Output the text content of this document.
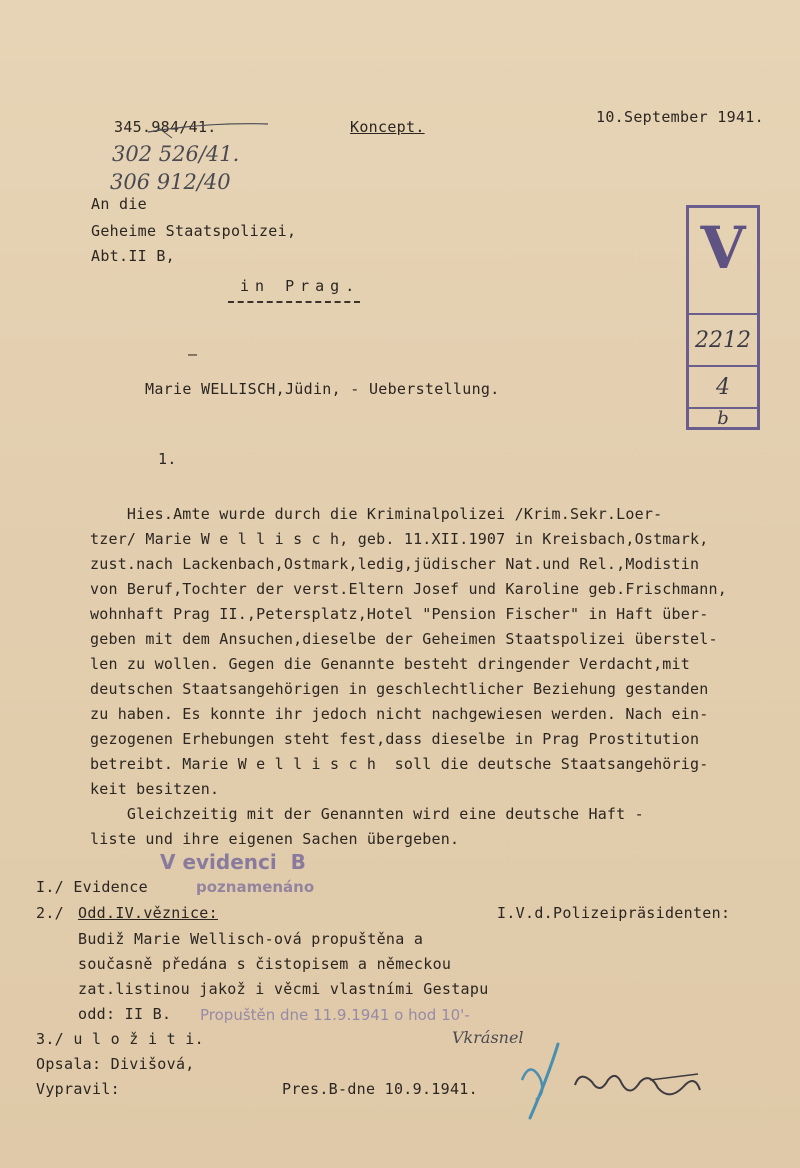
345.984/41.
302 526/41.
306 912/40
Koncept.
10.September 1941.
An die
Geheime Staatspolizei,
Abt.II B,
in Prag.
V
2212
4
b
—
Marie WELLISCH,Jüdin, - Ueberstellung.
1.
Hies.Amte wurde durch die Kriminalpolizei /Krim.Sekr.Loer-
tzer/ Marie W e l l i s c h, geb. 11.XII.1907 in Kreisbach,Ostmark,
zust.nach Lackenbach,Ostmark,ledig,jüdischer Nat.und Rel.,Modistin
von Beruf,Tochter der verst.Eltern Josef und Karoline geb.Frischmann,
wohnhaft Prag II.,Petersplatz,Hotel "Pension Fischer" in Haft über-
geben mit dem Ansuchen,dieselbe der Geheimen Staatspolizei überstel-
len zu wollen. Gegen die Genannte besteht dringender Verdacht,mit
deutschen Staatsangehörigen in geschlechtlicher Beziehung gestanden
zu haben. Es konnte ihr jedoch nicht nachgewiesen werden. Nach ein-
gezogenen Erhebungen steht fest,dass dieselbe in Prag Prostitution
betreibt. Marie W e l l i s c h  soll die deutsche Staatsangehörig-
keit besitzen.
Gleichzeitig mit der Genannten wird eine deutsche Haft -
liste und ihre eigenen Sachen übergeben.
V evidenci  B
poznamenáno
I./ Evidence
2./ Odd.IV.věznice:	I.V.d.Polizeipräsidenten:
Budiž Marie Wellisch-ová propuštěna a
současně předána s čistopisem a německou
zat.listinou jakož i věcmi vlastními Gestapu
odd: II B. Propuštěn dne 11.9.1941 o hod 10'-
Vkrásnel
3./ u l o ž i t i.
Opsala: Divišová,
Vypravil:	Pres.B-dne 10.9.1941.
